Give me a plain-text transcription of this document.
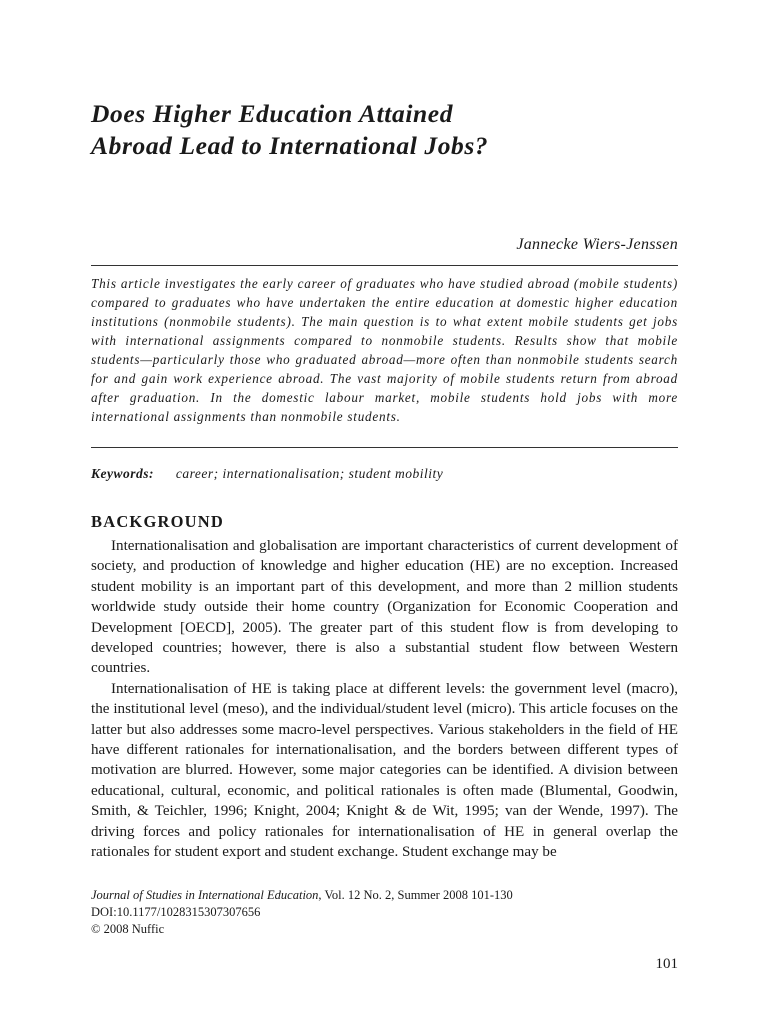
Does Higher Education Attained
Abroad Lead to International Jobs?
Jannecke Wiers-Jenssen

This article investigates the early career of graduates who have studied abroad (mobile students) compared to graduates who have undertaken the entire education at domestic higher education institutions (nonmobile students). The main question is to what extent mobile students get jobs with international assignments compared to nonmobile students. Results show that mobile students—particularly those who graduated abroad—more often than nonmobile students search for and gain work experience abroad. The vast majority of mobile students return from abroad after graduation. In the domestic labour market, mobile students hold jobs with more international assignments than nonmobile students.

Keywords: career; internationalisation; student mobility
BACKGROUND

Internationalisation and globalisation are important characteristics of current development of society, and production of knowledge and higher education (HE) are no exception. Increased student mobility is an important part of this development, and more than 2 million students worldwide study outside their home country (Organization for Economic Cooperation and Development [OECD], 2005). The greater part of this student flow is from developing to developed countries; however, there is also a substantial student flow between Western countries.

Internationalisation of HE is taking place at different levels: the government level (macro), the institutional level (meso), and the individual/student level (micro). This article focuses on the latter but also addresses some macro-level perspectives. Various stakeholders in the field of HE have different rationales for internationalisation, and the borders between different types of motivation are blurred. However, some major categories can be identified. A division between educational, cultural, economic, and political rationales is often made (Blumental, Goodwin, Smith, & Teichler, 1996; Knight, 2004; Knight & de Wit, 1995; van der Wende, 1997). The driving forces and policy rationales for internationalisation of HE in general overlap the rationales for student export and student exchange. Student exchange may be

Journal of Studies in International Education, Vol. 12 No. 2, Summer 2008 101-130
DOI:10.1177/1028315307307656
© 2008 Nuffic
101
